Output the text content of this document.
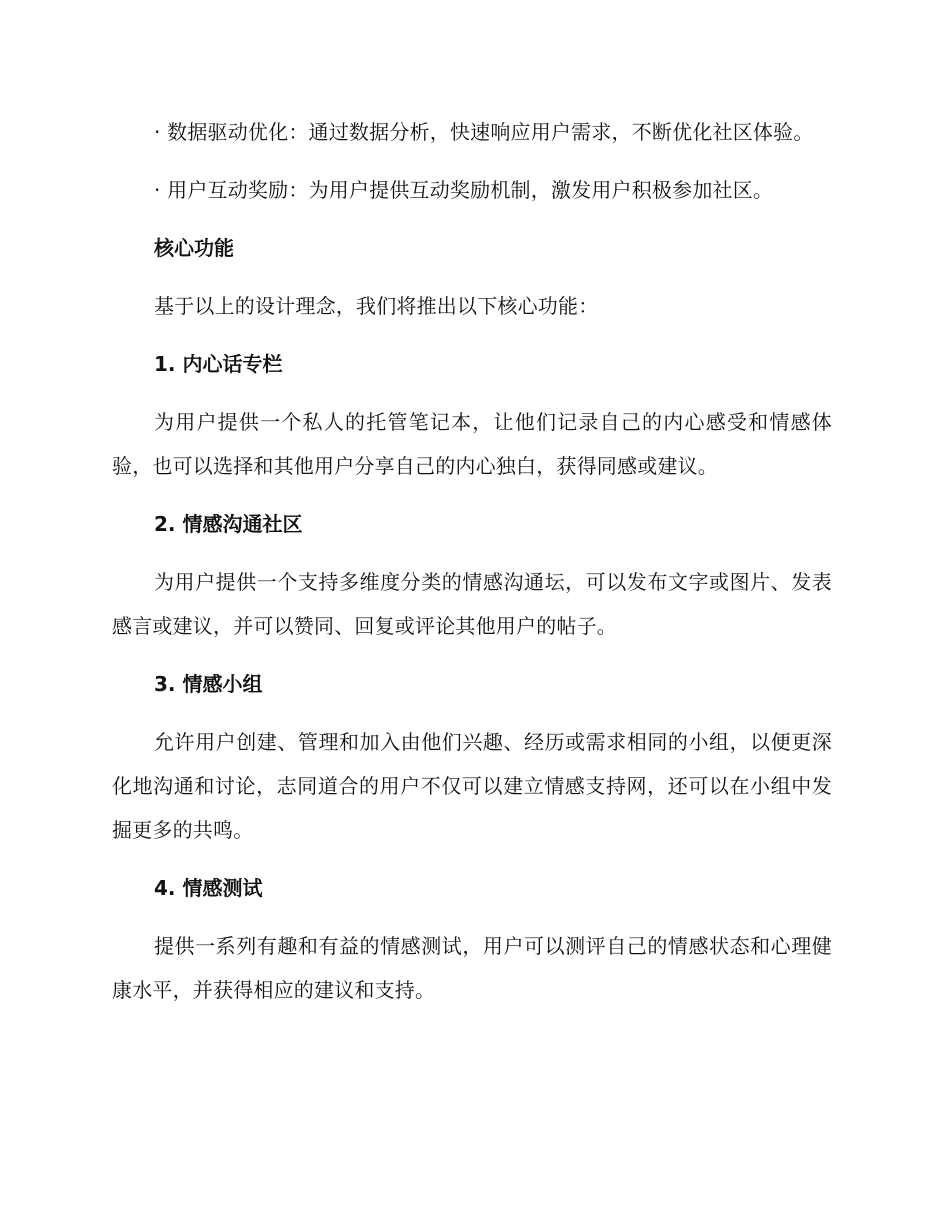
· 数据驱动优化：通过数据分析，快速响应用户需求，不断优化社区体验。

· 用户互动奖励：为用户提供互动奖励机制，激发用户积极参加社区。

核心功能

基于以上的设计理念，我们将推出以下核心功能：

1. 内心话专栏

为用户提供一个私人的托管笔记本，让他们记录自己的内心感受和情感体验，也可以选择和其他用户分享自己的内心独白，获得同感或建议。

2. 情感沟通社区

为用户提供一个支持多维度分类的情感沟通坛，可以发布文字或图片、发表感言或建议，并可以赞同、回复或评论其他用户的帖子。

3. 情感小组

允许用户创建、管理和加入由他们兴趣、经历或需求相同的小组，以便更深化地沟通和讨论，志同道合的用户不仅可以建立情感支持网，还可以在小组中发掘更多的共鸣。

4. 情感测试

提供一系列有趣和有益的情感测试，用户可以测评自己的情感状态和心理健康水平，并获得相应的建议和支持。
